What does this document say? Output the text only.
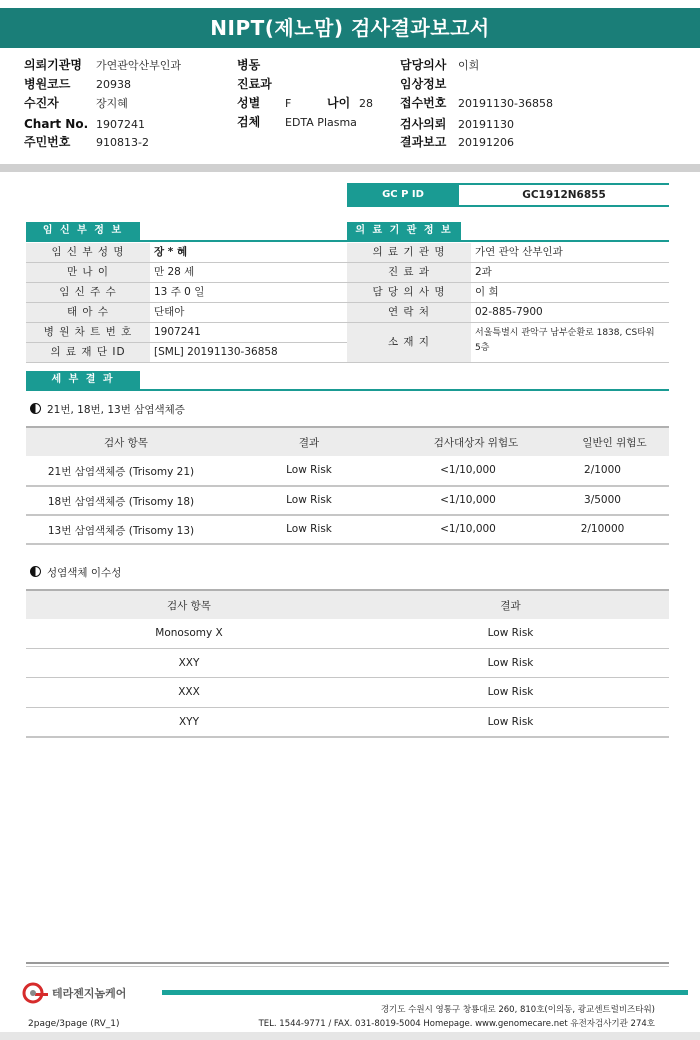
NIPT(제노맘) 검사결과보고서
의뢰기관명 가연관악산부인과
병원코드 20938
수진자	장지혜
Chart No. 1907241
주민번호 910813-2
병동
진료과
성별 F	나이 28
검체 EDTA Plasma
담당의사 이희
임상정보
접수번호 20191130-36858
검사의뢰 20191130
결과보고 20191206
GC P ID	GC1912N6855
임 신 부 정 보
임 신 부 성 명	장 * 혜
만 나 이	만 28 세
임 신 주 수	13 주 0 일
태 아 수	단태아
병 원 차 트 번 호	1907241
의 료 재 단 ID	[SML] 20191130-36858
의 료 기 관 정 보
의 료 기 관 명	가연 관악 산부인과
진 료 과	2과
담 당 의 사 명	이 희
연 락 처	02-885-7900
소 재 지
서울특별시 관악구 남부순환로 1838, CS타워
5층
세 부 결 과
21번, 18번, 13번 삼염색체증
검사 항목	결과	검사대상자 위험도	일반인 위험도
21번 삼염색체증 (Trisomy 21)	Low Risk	<1/10,000	2/1000
18번 삼염색체증 (Trisomy 18)	Low Risk	<1/10,000	3/5000
13번 삼염색체증 (Trisomy 13)	Low Risk	<1/10,000	2/10000
성염색체 이수성
검사 항목	결과
Monosomy X	Low Risk
XXY	Low Risk
XXX	Low Risk
XYY	Low Risk
테라젠지놈케어
경기도 수원시 영통구 창룡대로 260, 810호(이의동, 광교센트럴비즈타워)
TEL. 1544-9771 / FAX. 031-8019-5004 Homepage. www.genomecare.net 유전자검사기관 274호
2page/3page (RV_1)
